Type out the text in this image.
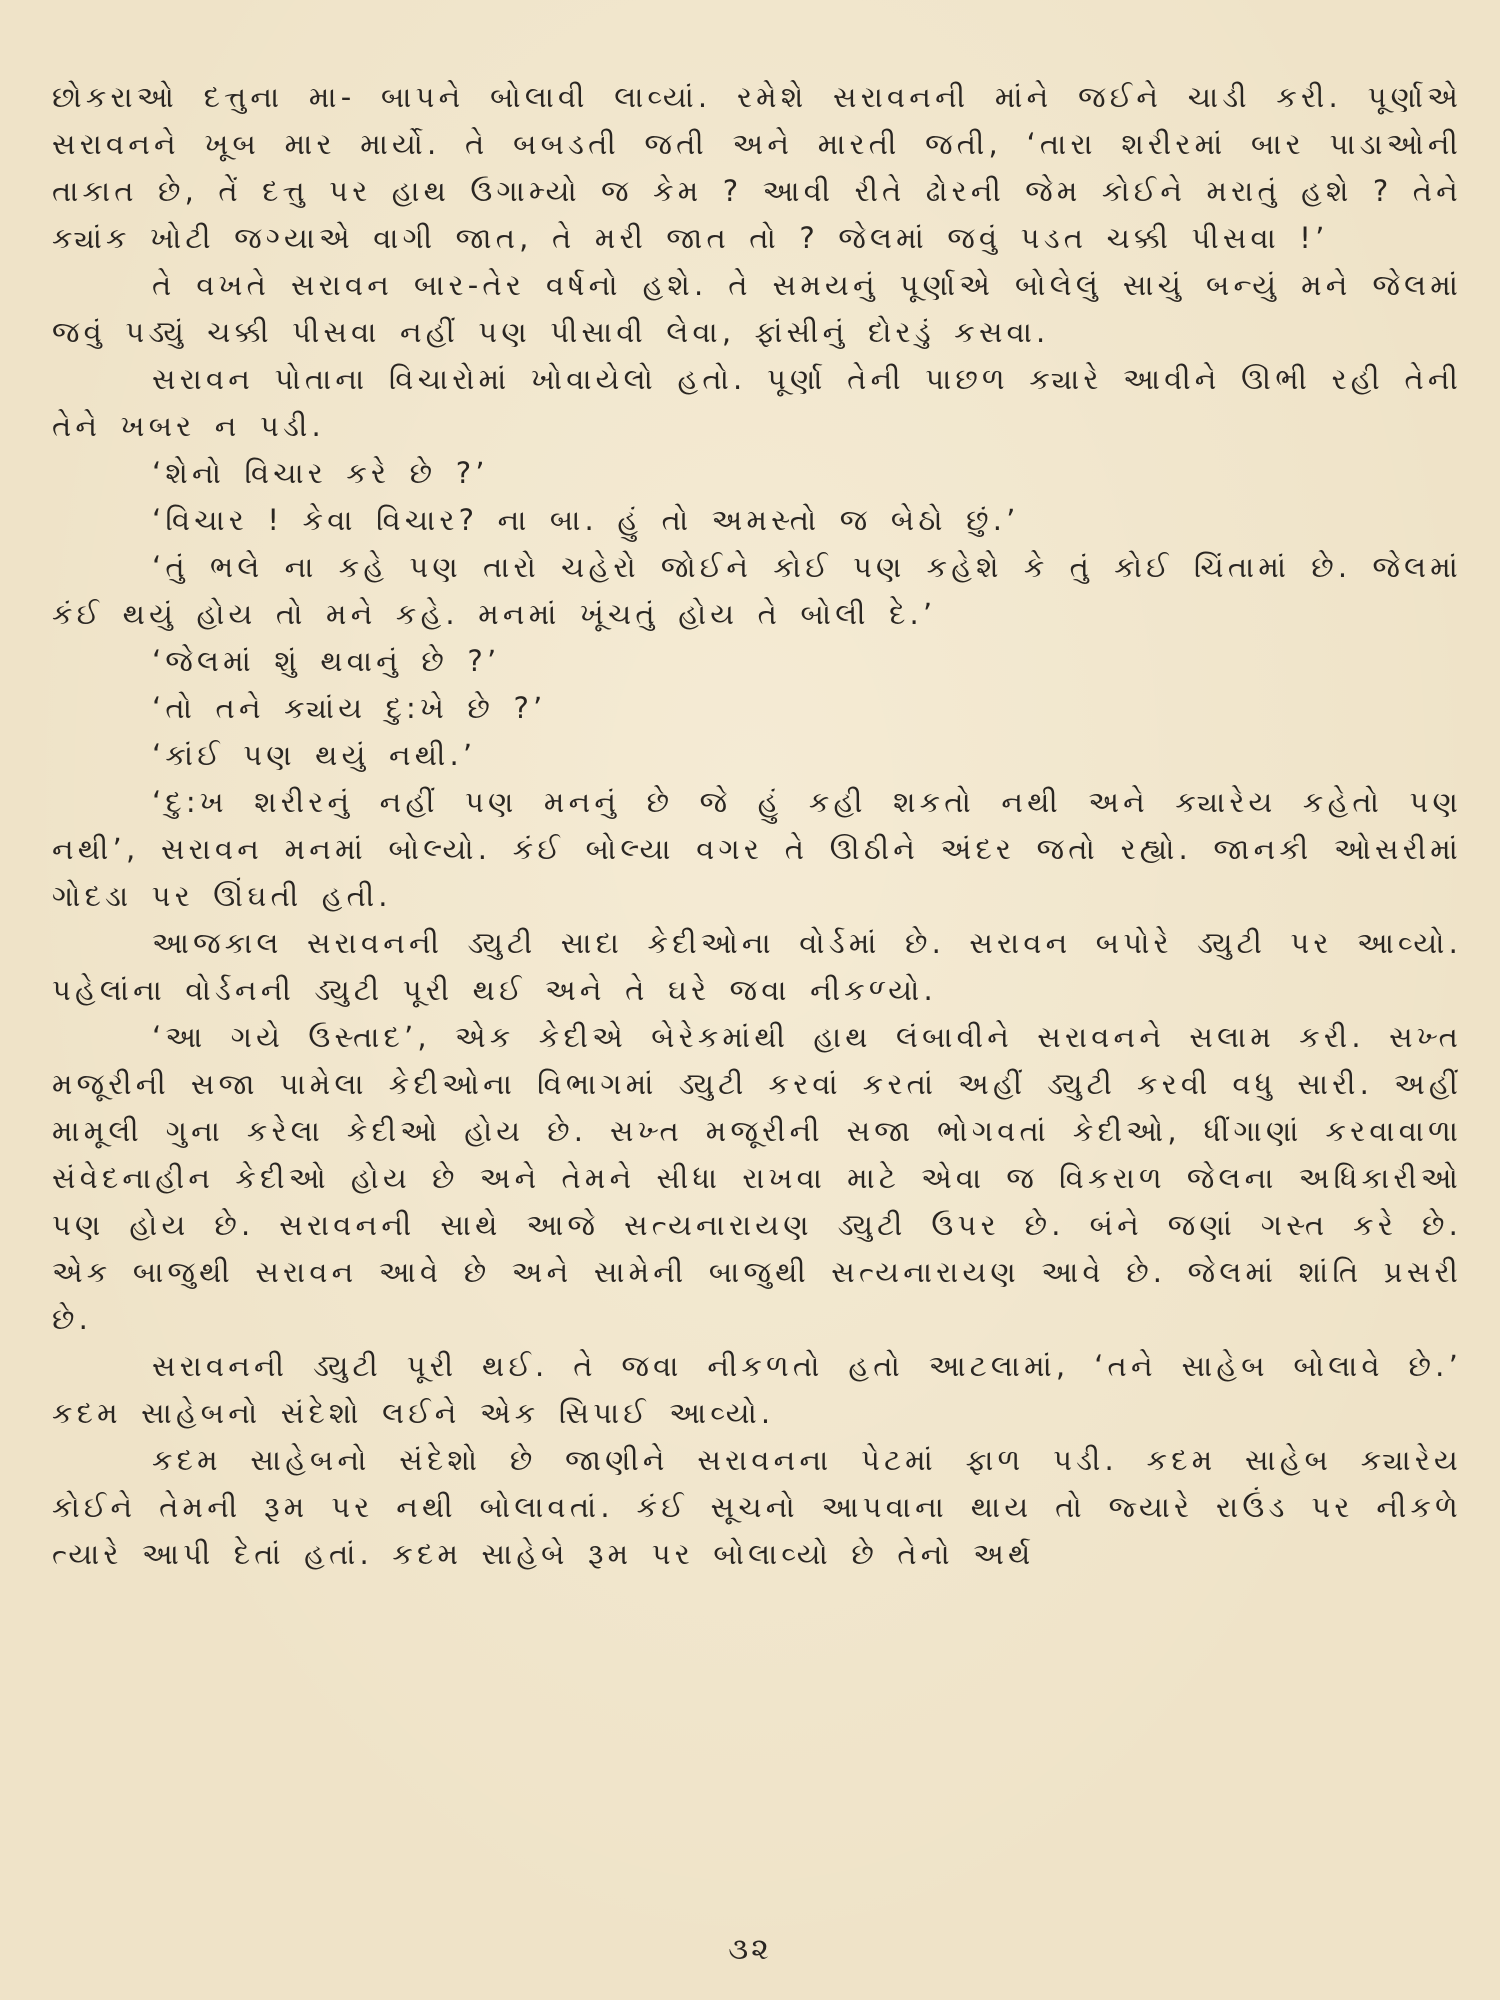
છોકરાઓ દત્તુના મા- બાપને બોલાવી લાવ્યાં. રમેશે સરાવનની માંને જઈને ચાડી કરી. પૂર્ણાએ સરાવનને ખૂબ માર માર્યો. તે બબડતી જતી અને મારતી જતી, ‘તારા શરીરમાં બાર પાડાઓની તાકાત છે, તેં દત્તુ પર હાથ ઉગામ્યો જ કેમ ? આવી રીતે ઢોરની જેમ કોઈને મરાતું હશે ? તેને ક્યાંક ખોટી જગ્યાએ વાગી જાત, તે મરી જાત તો ? જેલમાં જવું પડત ચક્કી પીસવા !’

તે વખતે સરાવન બાર-તેર વર્ષનો હશે. તે સમયનું પૂર્ણાએ બોલેલું સાચું બન્યું મને જેલમાં જવું પડ્યું ચક્કી પીસવા નહીં પણ પીસાવી લેવા, ફાંસીનું દોરડું કસવા.

સરાવન પોતાના વિચારોમાં ખોવાયેલો હતો. પૂર્ણા તેની પાછળ ક્યારે આવીને ઊભી રહી તેની તેને ખબર ન પડી.

‘શેનો વિચાર કરે છે ?’

‘વિચાર ! કેવા વિચાર? ના બા. હું તો અમસ્તો જ બેઠો છું.’

‘તું ભલે ના કહે પણ તારો ચહેરો જોઈને કોઈ પણ કહેશે કે તું કોઈ ચિંતામાં છે. જેલમાં કંઈ થયું હોય તો મને કહે. મનમાં ખૂંચતું હોય તે બોલી દે.’

‘જેલમાં શું થવાનું છે ?’

‘તો તને ક્યાંય દુ:ખે છે ?’

‘કાંઈ પણ થયું નથી.’

‘દુ:ખ શરીરનું નહીં પણ મનનું છે જે હું કહી શકતો નથી અને ક્યારેય કહેતો પણ નથી’, સરાવન મનમાં બોલ્યો. કંઈ બોલ્યા વગર તે ઊઠીને અંદર જતો રહ્યો. જાનકી ઓસરીમાં ગોદડા પર ઊંઘતી હતી.

આજકાલ સરાવનની ડ્યુટી સાદા કેદીઓના વોર્ડમાં છે. સરાવન બપોરે ડ્યુટી પર આવ્યો. પહેલાંના વોર્ડનની ડ્યુટી પૂરી થઈ અને તે ઘરે જવા નીકળ્યો.

‘આ ગયે ઉસ્તાદ’, એક કેદીએ બેરેકમાંથી હાથ લંબાવીને સરાવનને સલામ કરી. સખ્ત મજૂરીની સજા પામેલા કેદીઓના વિભાગમાં ડ્યુટી કરવાં કરતાં અહીં ડ્યુટી કરવી વધુ સારી. અહીં મામૂલી ગુના કરેલા કેદીઓ હોય છે. સખ્ત મજૂરીની સજા ભોગવતાં કેદીઓ, ધીંગાણાં કરવાવાળા સંવેદનાહીન કેદીઓ હોય છે અને તેમને સીધા રાખવા માટે એવા જ વિકરાળ જેલના અધિકારીઓ પણ હોય છે. સરાવનની સાથે આજે સત્યનારાયણ ડ્યુટી ઉપર છે. બંને જણાં ગસ્ત કરે છે. એક બાજુથી સરાવન આવે છે અને સામેની બાજુથી સત્યનારાયણ આવે છે. જેલમાં શાંતિ પ્રસરી છે.

સરાવનની ડ્યુટી પૂરી થઈ. તે જવા નીકળતો હતો આટલામાં, ‘તને સાહેબ બોલાવે છે.’ કદમ સાહેબનો સંદેશો લઈને એક સિપાઈ આવ્યો.

કદમ સાહેબનો સંદેશો છે જાણીને સરાવનના પેટમાં ફાળ પડી. કદમ સાહેબ ક્યારેય કોઈને તેમની રૂમ પર નથી બોલાવતાં. કંઈ સૂચનો આપવાના થાય તો જ્યારે રાઉંડ પર નીકળે ત્યારે આપી દેતાં હતાં. કદમ સાહેબે રૂમ પર બોલાવ્યો છે તેનો અર્થ

૩૨
